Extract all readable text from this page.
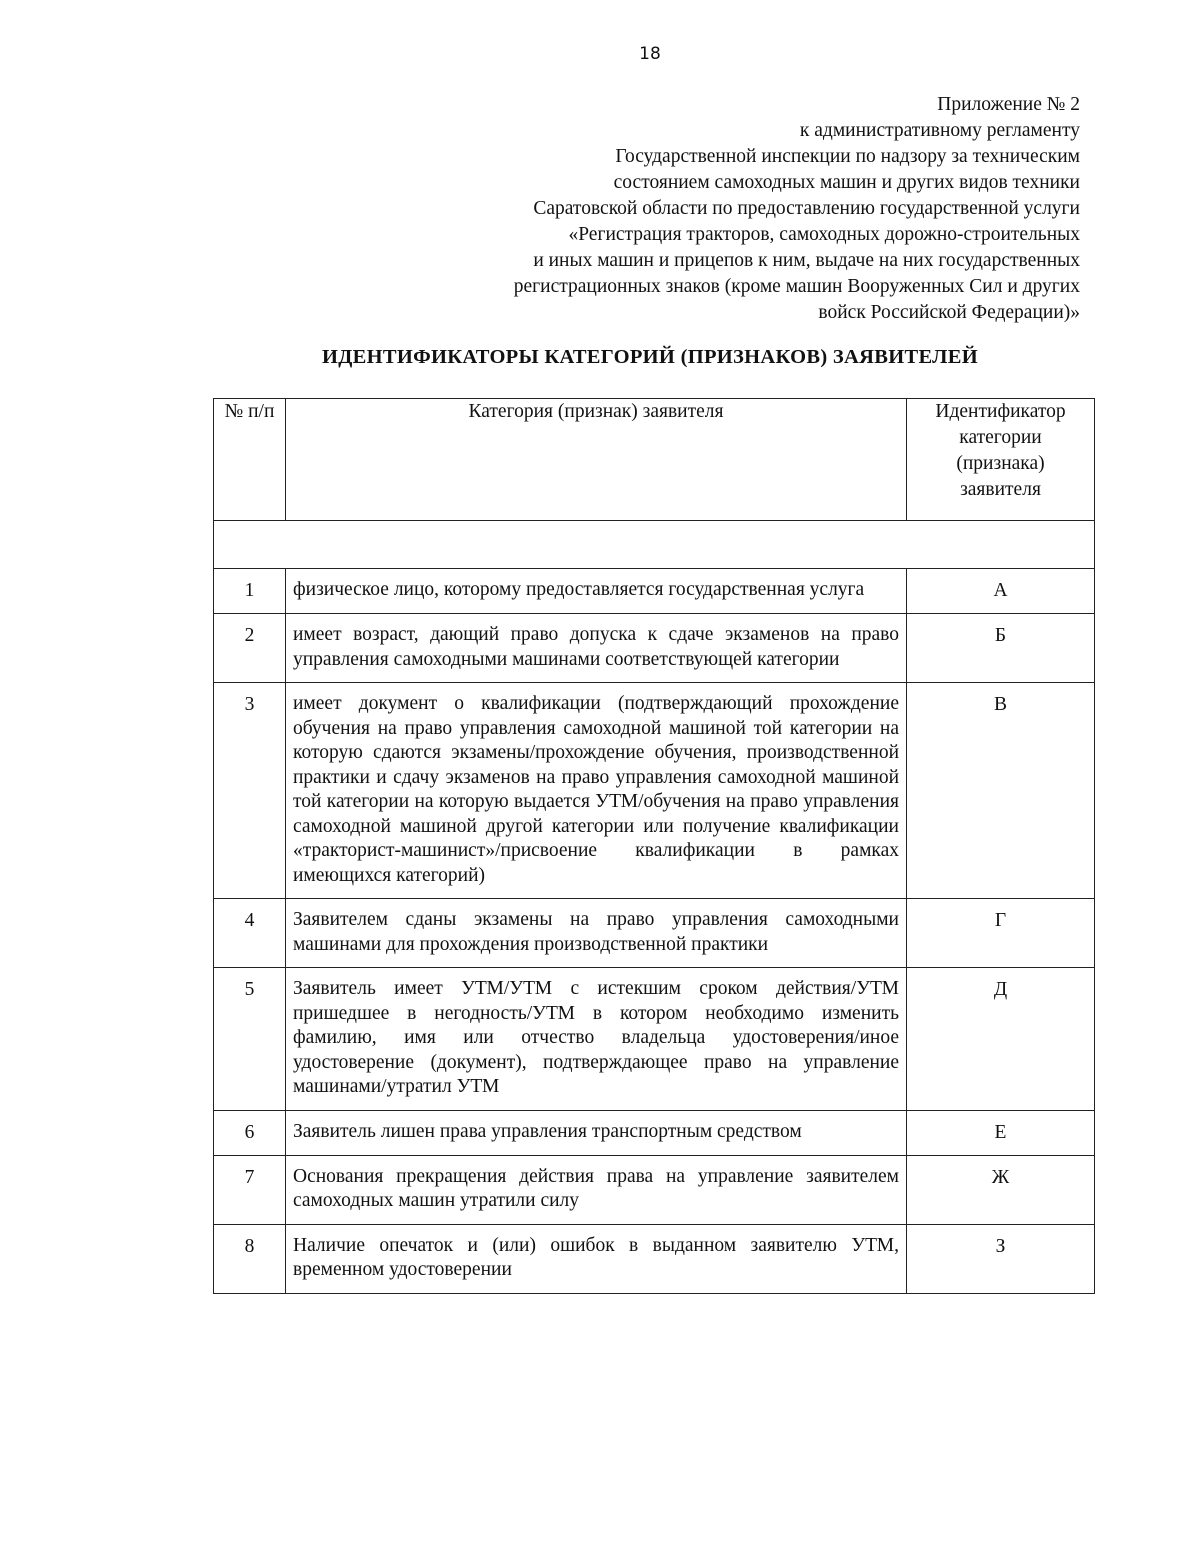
18
Приложение № 2
к административному регламенту
Государственной инспекции по надзору за техническим
состоянием самоходных машин и других видов техники
Саратовской области по предоставлению государственной услуги
«Регистрация тракторов, самоходных дорожно-строительных
и иных машин и прицепов к ним, выдаче на них государственных
регистрационных знаков (кроме машин Вооруженных Сил и других
войск Российской Федерации)»
ИДЕНТИФИКАТОРЫ КАТЕГОРИЙ (ПРИЗНАКОВ) ЗАЯВИТЕЛЕЙ
№ п/п	Категория (признак) заявителя	Идентификатор категории (признака) заявителя

1	физическое лицо, которому предоставляется государственная услуга	А
2	имеет возраст, дающий право допуска к сдаче экзаменов на право управления самоходными машинами соответствующей категории	Б
3	имеет документ о квалификации (подтверждающий прохождение обучения на право управления самоходной машиной той категории на которую сдаются экзамены/прохождение обучения, производственной практики и сдачу экзаменов на право управления самоходной машиной той категории на которую выдается УТМ/обучения на право управления самоходной машиной другой категории или получение квалификации «тракторист-машинист»/присвоение квалификации в рамках имеющихся категорий)	В
4	Заявителем сданы экзамены на право управления самоходными машинами для прохождения производственной практики	Г
5	Заявитель имеет УТМ/УТМ с истекшим сроком действия/УТМ пришедшее в негодность/УТМ в котором необходимо изменить фамилию, имя или отчество владельца удостоверения/иное удостоверение (документ), подтверждающее право на управление машинами/утратил УТМ	Д
6	Заявитель лишен права управления транспортным средством	Е
7	Основания прекращения действия права на управление заявителем самоходных машин утратили силу	Ж
8	Наличие опечаток и (или) ошибок в выданном заявителю УТМ, временном удостоверении	З
